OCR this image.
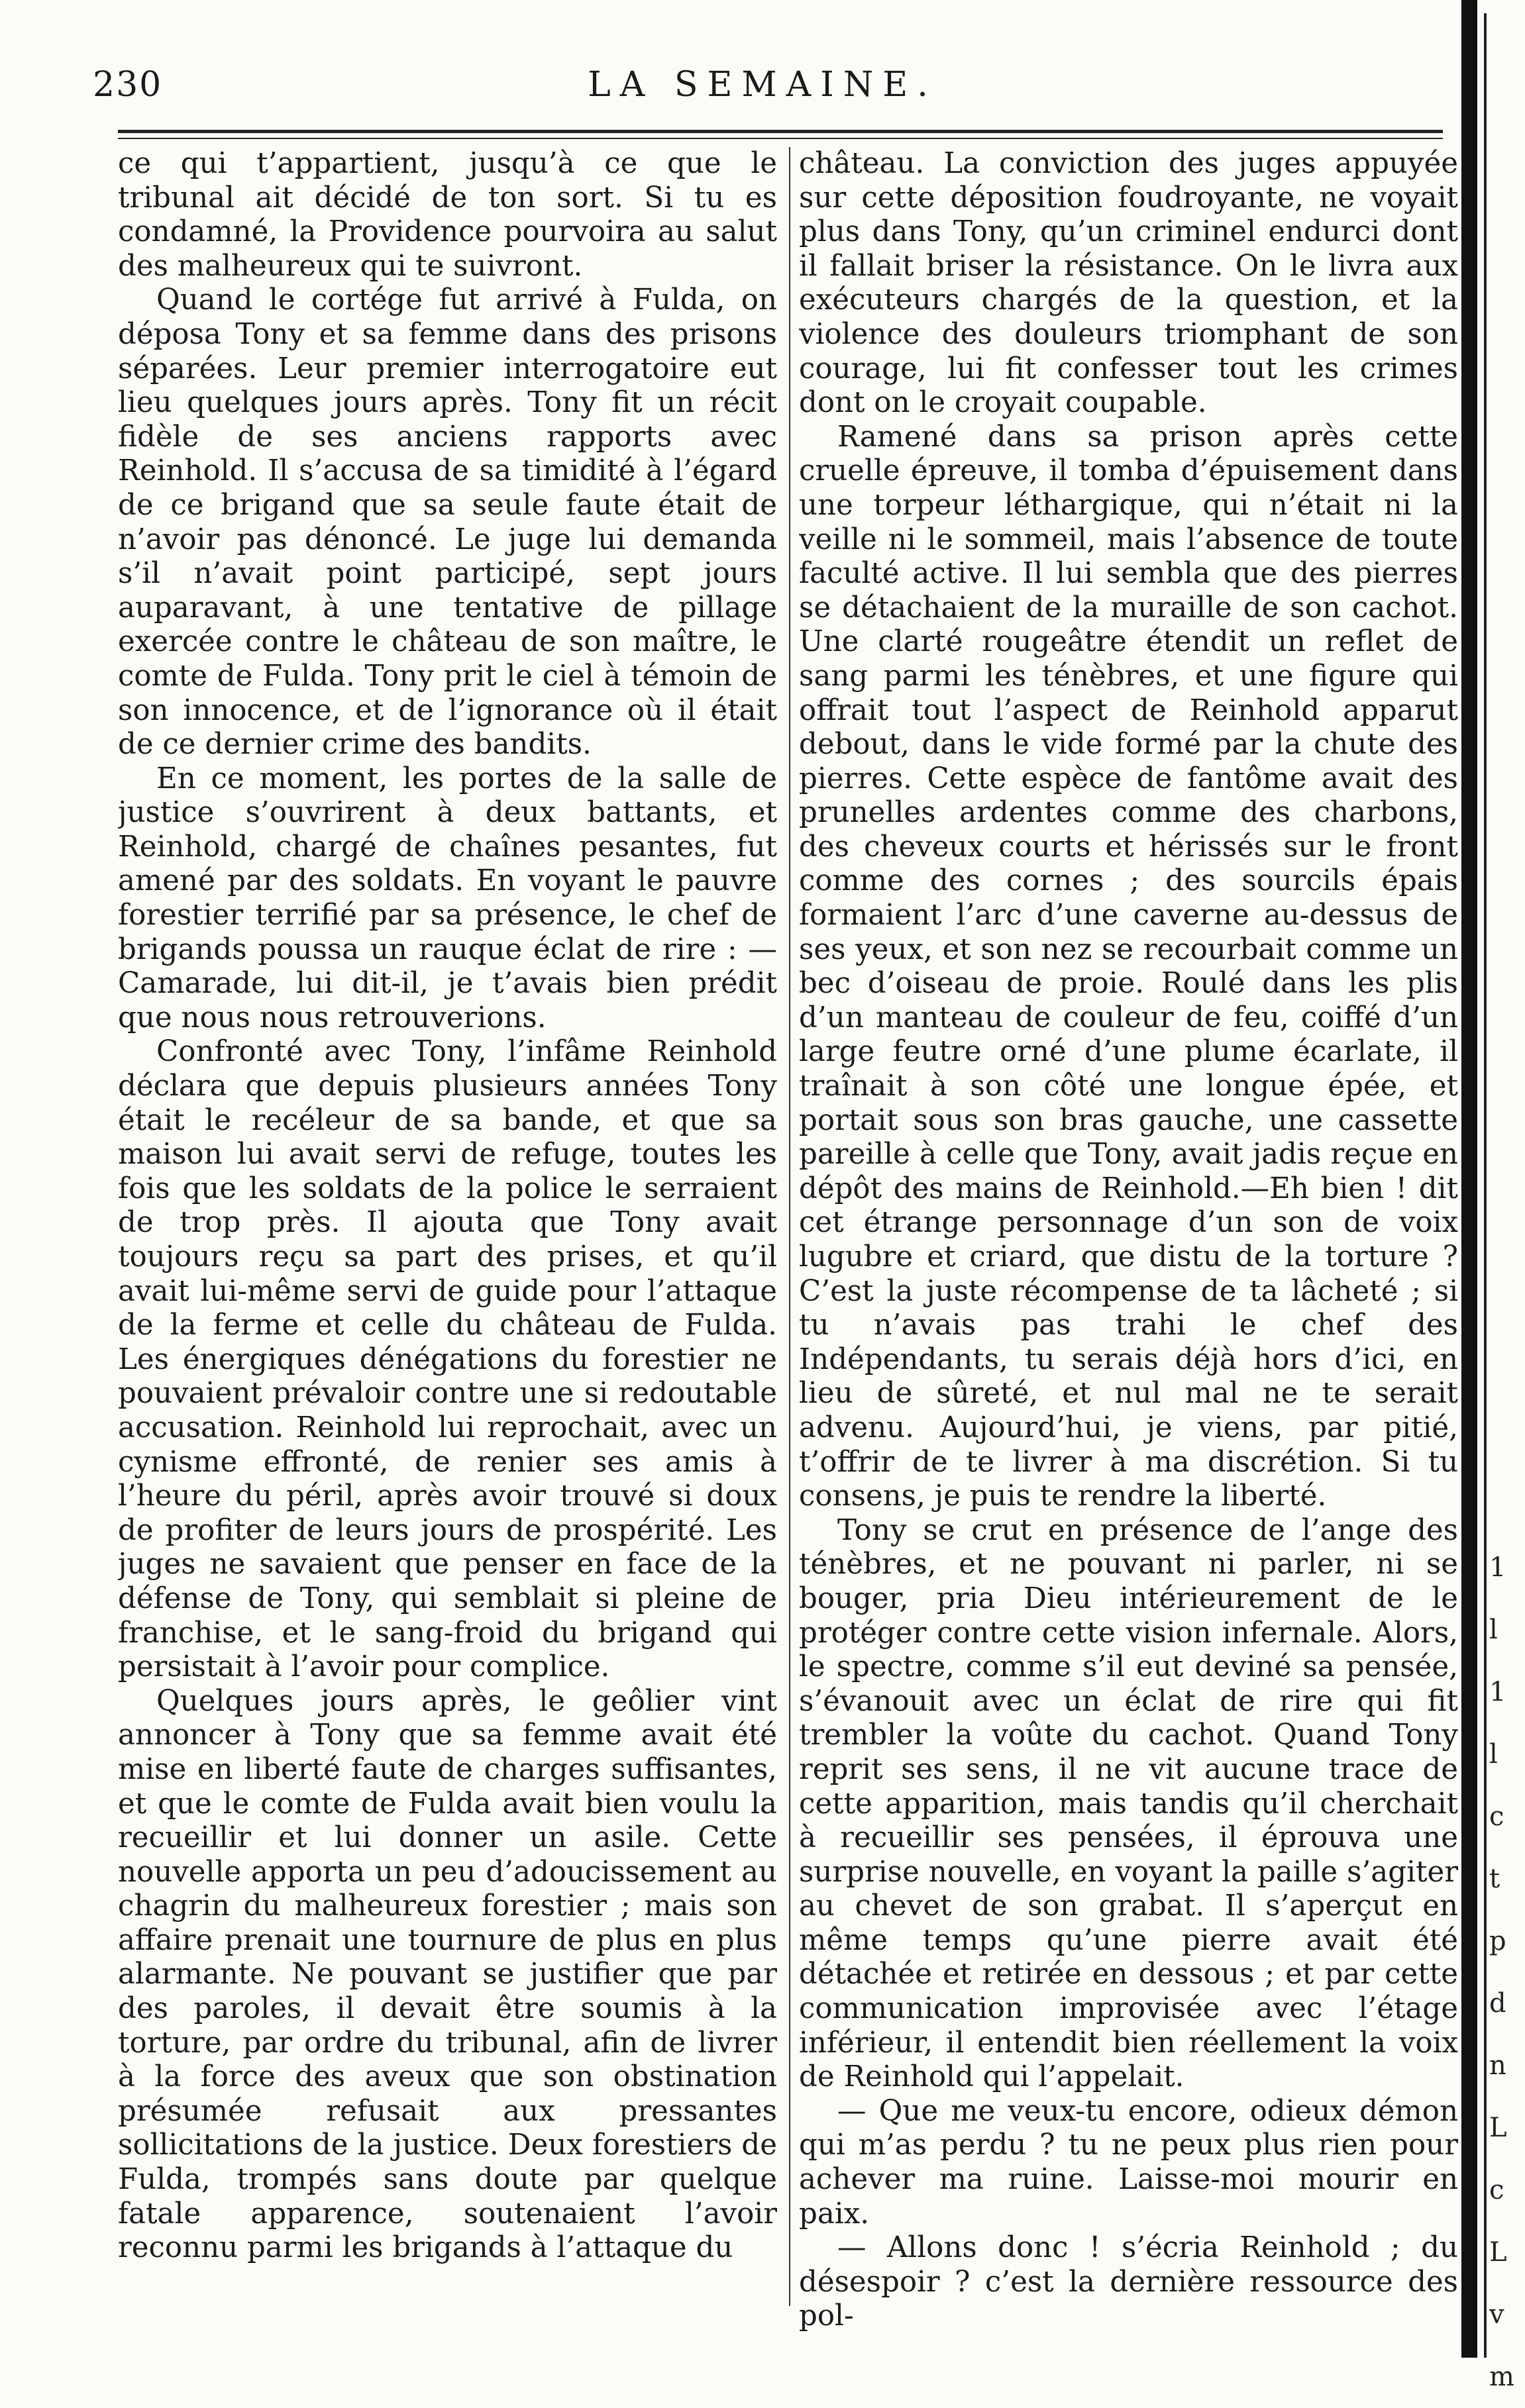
230	LA SEMAINE.

ce qui t’appartient, jusqu’à ce que le tribunal ait décidé de ton sort. Si tu es condamné, la Providence pourvoira au salut des malheureux qui te suivront.

Quand le cortége fut arrivé à Fulda, on déposa Tony et sa femme dans des prisons séparées. Leur premier interrogatoire eut lieu quelques jours après. Tony fit un récit fidèle de ses anciens rapports avec Reinhold. Il s’accusa de sa timidité à l’égard de ce brigand que sa seule faute était de n’avoir pas dénoncé. Le juge lui demanda s’il n’avait point participé, sept jours auparavant, à une tentative de pillage exercée contre le château de son maître, le comte de Fulda. Tony prit le ciel à témoin de son innocence, et de l’ignorance où il était de ce dernier crime des bandits.

En ce moment, les portes de la salle de justice s’ouvrirent à deux battants, et Reinhold, chargé de chaînes pesantes, fut amené par des soldats. En voyant le pauvre forestier terrifié par sa présence, le chef de brigands poussa un rauque éclat de rire : — Camarade, lui dit-il, je t’avais bien prédit que nous nous retrouverions.

Confronté avec Tony, l’infâme Reinhold déclara que depuis plusieurs années Tony était le recéleur de sa bande, et que sa maison lui avait servi de refuge, toutes les fois que les soldats de la police le serraient de trop près. Il ajouta que Tony avait toujours reçu sa part des prises, et qu’il avait lui-même servi de guide pour l’attaque de la ferme et celle du château de Fulda. Les énergiques dénégations du forestier ne pouvaient prévaloir contre une si redoutable accusation. Reinhold lui reprochait, avec un cynisme effronté, de renier ses amis à l’heure du péril, après avoir trouvé si doux de profiter de leurs jours de prospérité. Les juges ne savaient que penser en face de la défense de Tony, qui semblait si pleine de franchise, et le sang-froid du brigand qui persistait à l’avoir pour complice.

Quelques jours après, le geôlier vint annoncer à Tony que sa femme avait été mise en liberté faute de charges suffisantes, et que le comte de Fulda avait bien voulu la recueillir et lui donner un asile. Cette nouvelle apporta un peu d’adoucissement au chagrin du malheureux forestier ; mais son affaire prenait une tournure de plus en plus alarmante. Ne pouvant se justifier que par des paroles, il devait être soumis à la torture, par ordre du tribunal, afin de livrer à la force des aveux que son obstination présumée refusait aux pressantes sollicitations de la justice. Deux forestiers de Fulda, trompés sans doute par quelque fatale apparence, soutenaient l’avoir reconnu parmi les brigands à l’attaque du

château. La conviction des juges appuyée sur cette déposition foudroyante, ne voyait plus dans Tony, qu’un criminel endurci dont il fallait briser la résistance. On le livra aux exécuteurs chargés de la question, et la violence des douleurs triomphant de son courage, lui fit confesser tout les crimes dont on le croyait coupable.

Ramené dans sa prison après cette cruelle épreuve, il tomba d’épuisement dans une torpeur léthargique, qui n’était ni la veille ni le sommeil, mais l’absence de toute faculté active. Il lui sembla que des pierres se détachaient de la muraille de son cachot. Une clarté rougeâtre étendit un reflet de sang parmi les ténèbres, et une figure qui offrait tout l’aspect de Reinhold apparut debout, dans le vide formé par la chute des pierres. Cette espèce de fantôme avait des prunelles ardentes comme des charbons, des cheveux courts et hérissés sur le front comme des cornes ; des sourcils épais formaient l’arc d’une caverne au-dessus de ses yeux, et son nez se recourbait comme un bec d’oiseau de proie. Roulé dans les plis d’un manteau de couleur de feu, coiffé d’un large feutre orné d’une plume écarlate, il traînait à son côté une longue épée, et portait sous son bras gauche, une cassette pareille à celle que Tony, avait jadis reçue en dépôt des mains de Reinhold.—Eh bien ! dit cet étrange personnage d’un son de voix lugubre et criard, que distu de la torture ? C’est la juste récompense de ta lâcheté ; si tu n’avais pas trahi le chef des Indépendants, tu serais déjà hors d’ici, en lieu de sûreté, et nul mal ne te serait advenu. Aujourd’hui, je viens, par pitié, t’offrir de te livrer à ma discrétion. Si tu consens, je puis te rendre la liberté.

Tony se crut en présence de l’ange des ténèbres, et ne pouvant ni parler, ni se bouger, pria Dieu intérieurement de le protéger contre cette vision infernale. Alors, le spectre, comme s’il eut deviné sa pensée, s’évanouit avec un éclat de rire qui fit trembler la voûte du cachot. Quand Tony reprit ses sens, il ne vit aucune trace de cette apparition, mais tandis qu’il cherchait à recueillir ses pensées, il éprouva une surprise nouvelle, en voyant la paille s’agiter au chevet de son grabat. Il s’aperçut en même temps qu’une pierre avait été détachée et retirée en dessous ; et par cette communication improvisée avec l’étage inférieur, il entendit bien réellement la voix de Reinhold qui l’appelait.

— Que me veux-tu encore, odieux démon qui m’as perdu ? tu ne peux plus rien pour achever ma ruine. Laisse-moi mourir en paix.

— Allons donc ! s’écria Reinhold ; du désespoir ? c’est la dernière ressource des pol-

1
l
1
l
c
t
p
d
n
L
c
L
v
m
